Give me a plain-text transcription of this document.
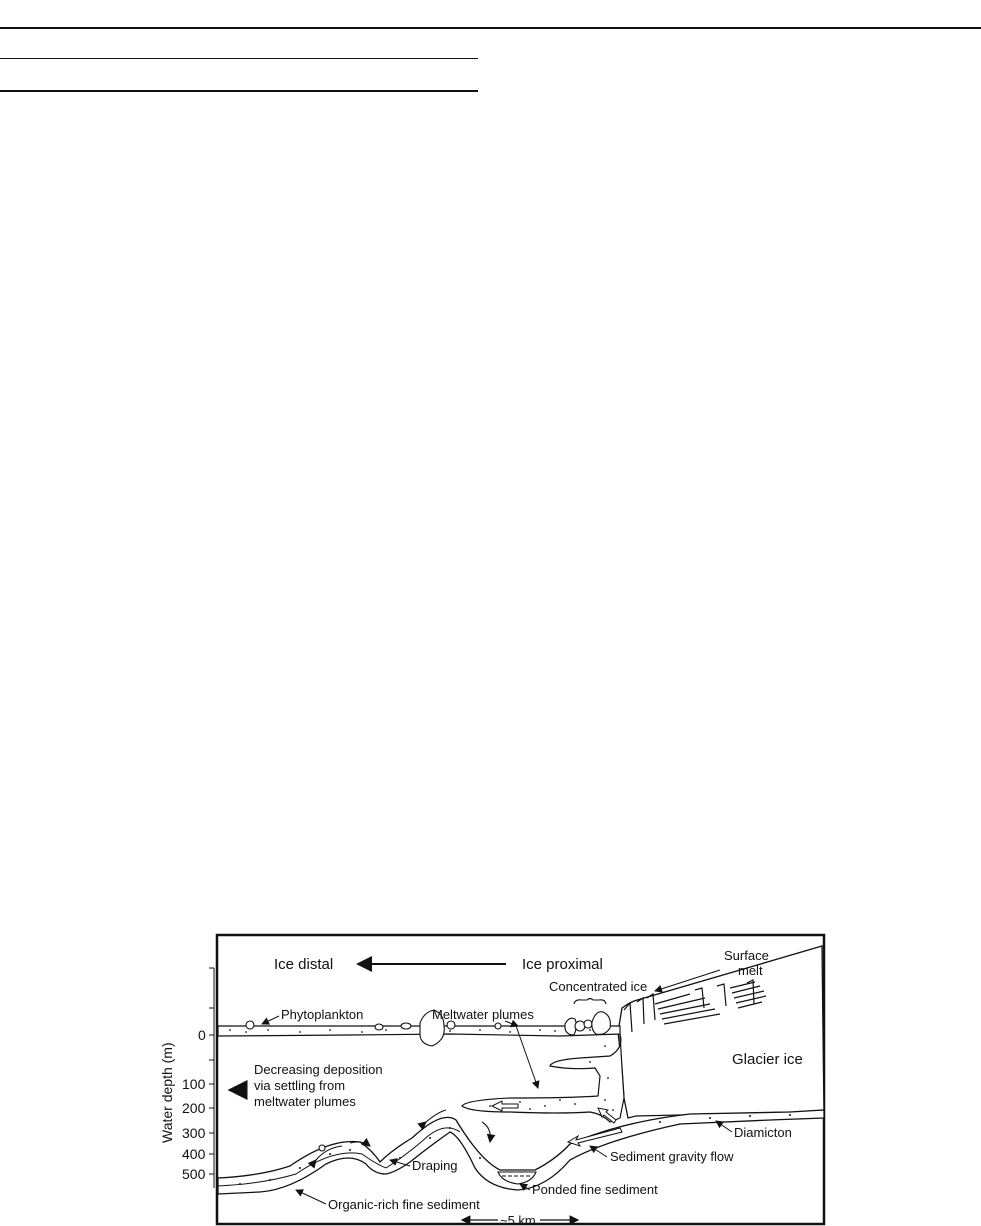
Water depth (m)
0
100
200
300
400
500
Ice distal	Ice proximal
Surface
melt
Glacier ice
Concentrated ice
Phytoplankton	Meltwater plumes
Decreasing deposition
via settling from
meltwater plumes
Diamicton
Sediment gravity flow
Draping
Ponded fine sediment
Organic-rich fine sediment
~5 km
